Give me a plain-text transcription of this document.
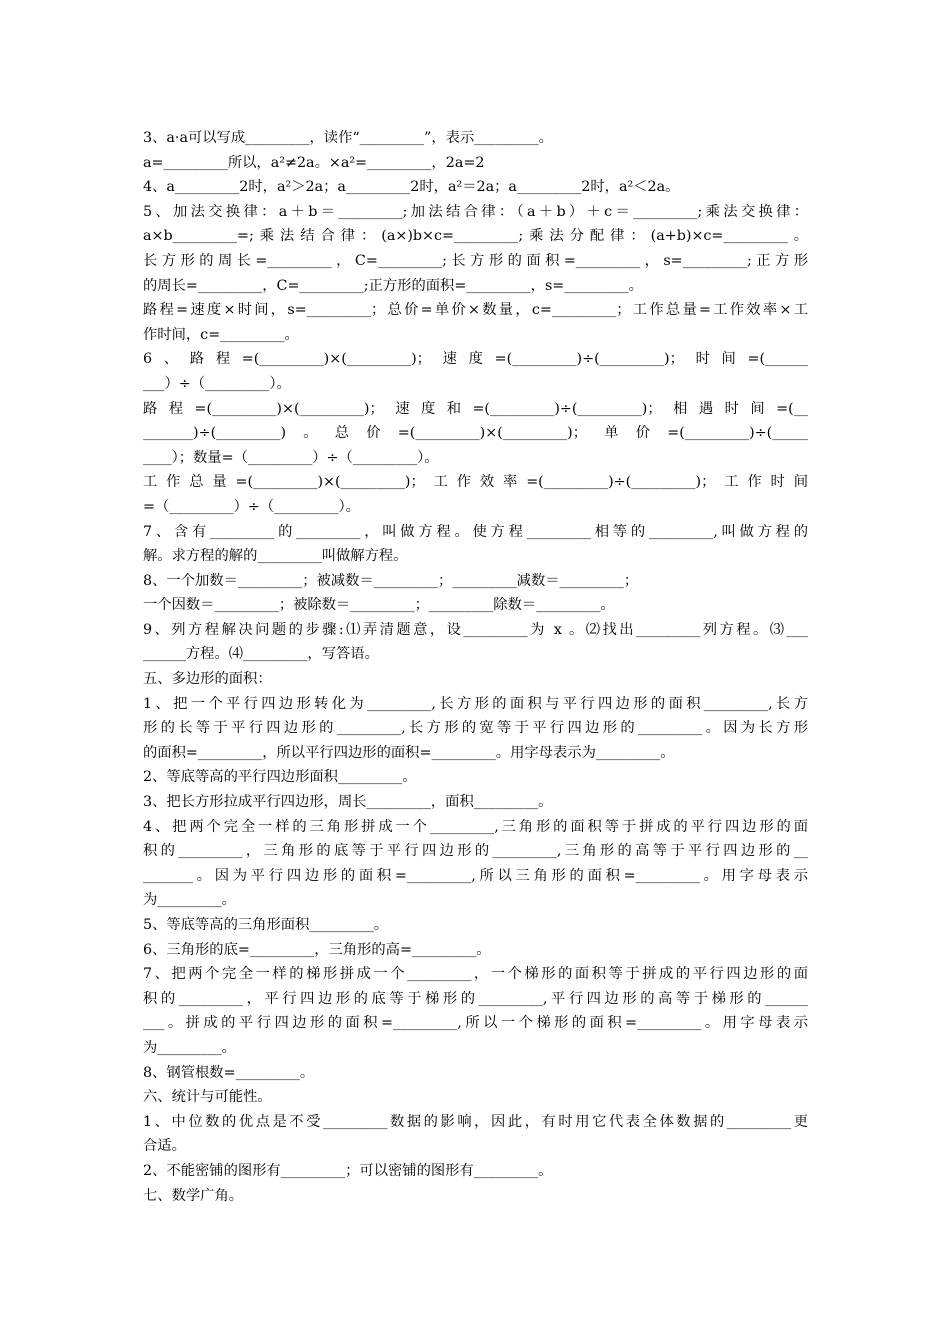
3、a·a可以写成_________，读作“_________”，表示_________。
a=_________所以，a²≠2a。×a²=_________，2a=2
4、a_________2时，a²＞2a；a_________2时，a²＝2a；a_________2时，a²＜2a。
5、加法交换律：a＋b＝_________;加法结合律：（a＋b）＋c＝_________;乘法交换律：
a×b_________=;乘法结合律：(a×)b×c=_________;乘法分配律：(a+b)×c=_________。
长方形的周长=_________，C=_________;长方形的面积=_________，s=_________;正方形
的周长=_________，C=_________;正方形的面积=_________，s=_________。
路程=速度×时间，s=_________；总价=单价×数量，c=_________；工作总量=工作效率×工
作时间，c=_________。
6、路程=(_________)×(_________)；速度=(_________)÷(_________)；时间=(______
___）÷（_________）。
路程=(_________)×(_________)；速度和=(_________)÷(_________)；相遇时间=(__
_______)÷(_________)。总价=(_________)×(_________)；单价=(_________)÷(_____
____）；数量=（_________）÷（_________）。
工作总量=(_________)×(_________)；工作效率=(_________)÷(_________)；工作时间
=（_________）÷（_________）。
7、含有_________的_________，叫做方程。使方程_________相等的_________,叫做方程的
解。求方程的解的_________叫做解方程。
8、一个加数＝_________；被减数＝_________；_________减数＝_________；
一个因数＝_________；被除数＝_________；_________除数＝_________。
9、列方程解决问题的步骤:⑴弄清题意，设_________为 x 。⑵找出_________列方程。⑶___
______方程。⑷_________，写答语。
五、多边形的面积：
1、把一个平行四边形转化为_________,长方形的面积与平行四边形的面积_________,长方
形的长等于平行四边形的_________,长方形的宽等于平行四边形的_________。因为长方形
的面积=_________，所以平行四边形的面积=_________。用字母表示为_________。
2、等底等高的平行四边形面积_________。
3、把长方形拉成平行四边形，周长_________，面积_________。
4、把两个完全一样的三角形拼成一个_________,三角形的面积等于拼成的平行四边形的面
积的_________，三角形的底等于平行四边形的_________,三角形的高等于平行四边形的__
_______。因为平行四边形的面积=_________,所以三角形的面积=_________。用字母表示
为_________。
5、等底等高的三角形面积_________。
6、三角形的底=_________，三角形的高=_________。
7、把两个完全一样的梯形拼成一个_________，一个梯形的面积等于拼成的平行四边形的面
积的_________，平行四边形的底等于梯形的_________,平行四边形的高等于梯形的______
___。拼成的平行四边形的面积=_________,所以一个梯形的面积=_________。用字母表示
为_________。
8、钢管根数=_________。
六、统计与可能性。
1、中位数的优点是不受_________数据的影响，因此，有时用它代表全体数据的_________更
合适。
2、不能密铺的图形有_________；可以密铺的图形有_________。
七、数学广角。
